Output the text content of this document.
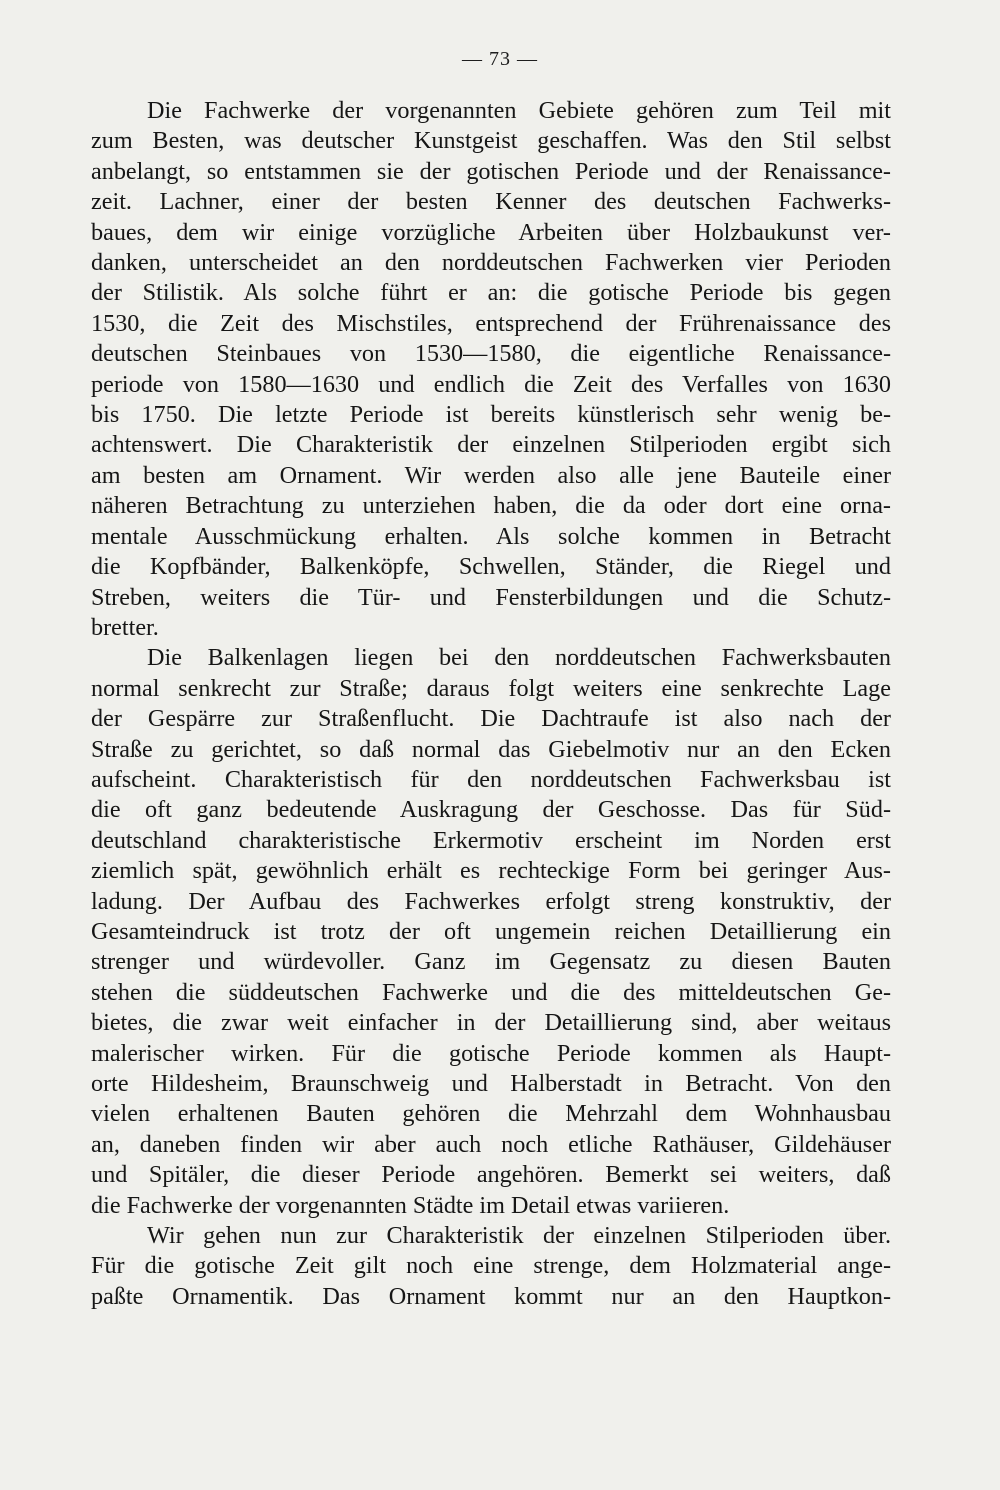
— 73 —
Die Fachwerke der vorgenannten Gebiete gehören zum Teil mit
zum Besten, was deutscher Kunstgeist geschaffen. Was den Stil selbst
anbelangt, so entstammen sie der gotischen Periode und der Renaissance-
zeit. Lachner, einer der besten Kenner des deutschen Fachwerks-
baues, dem wir einige vorzügliche Arbeiten über Holzbaukunst ver-
danken, unterscheidet an den norddeutschen Fachwerken vier Perioden
der Stilistik. Als solche führt er an: die gotische Periode bis gegen
1530, die Zeit des Mischstiles, entsprechend der Frührenaissance des
deutschen Steinbaues von 1530—1580, die eigentliche Renaissance-
periode von 1580—1630 und endlich die Zeit des Verfalles von 1630
bis 1750. Die letzte Periode ist bereits künstlerisch sehr wenig be-
achtenswert. Die Charakteristik der einzelnen Stilperioden ergibt sich
am besten am Ornament. Wir werden also alle jene Bauteile einer
näheren Betrachtung zu unterziehen haben, die da oder dort eine orna-
mentale Ausschmückung erhalten. Als solche kommen in Betracht
die Kopfbänder, Balkenköpfe, Schwellen, Ständer, die Riegel und
Streben, weiters die Tür- und Fensterbildungen und die Schutz-
bretter.
Die Balkenlagen liegen bei den norddeutschen Fachwerksbauten
normal senkrecht zur Straße; daraus folgt weiters eine senkrechte Lage
der Gespärre zur Straßenflucht. Die Dachtraufe ist also nach der
Straße zu gerichtet, so daß normal das Giebelmotiv nur an den Ecken
aufscheint. Charakteristisch für den norddeutschen Fachwerksbau ist
die oft ganz bedeutende Auskragung der Geschosse. Das für Süd-
deutschland charakteristische Erkermotiv erscheint im Norden erst
ziemlich spät, gewöhnlich erhält es rechteckige Form bei geringer Aus-
ladung. Der Aufbau des Fachwerkes erfolgt streng konstruktiv, der
Gesamteindruck ist trotz der oft ungemein reichen Detaillierung ein
strenger und würdevoller. Ganz im Gegensatz zu diesen Bauten
stehen die süddeutschen Fachwerke und die des mitteldeutschen Ge-
bietes, die zwar weit einfacher in der Detaillierung sind, aber weitaus
malerischer wirken. Für die gotische Periode kommen als Haupt-
orte Hildesheim, Braunschweig und Halberstadt in Betracht. Von den
vielen erhaltenen Bauten gehören die Mehrzahl dem Wohnhausbau
an, daneben finden wir aber auch noch etliche Rathäuser, Gildehäuser
und Spitäler, die dieser Periode angehören. Bemerkt sei weiters, daß
die Fachwerke der vorgenannten Städte im Detail etwas variieren.
Wir gehen nun zur Charakteristik der einzelnen Stilperioden über.
Für die gotische Zeit gilt noch eine strenge, dem Holzmaterial ange-
paßte Ornamentik. Das Ornament kommt nur an den Hauptkon-
